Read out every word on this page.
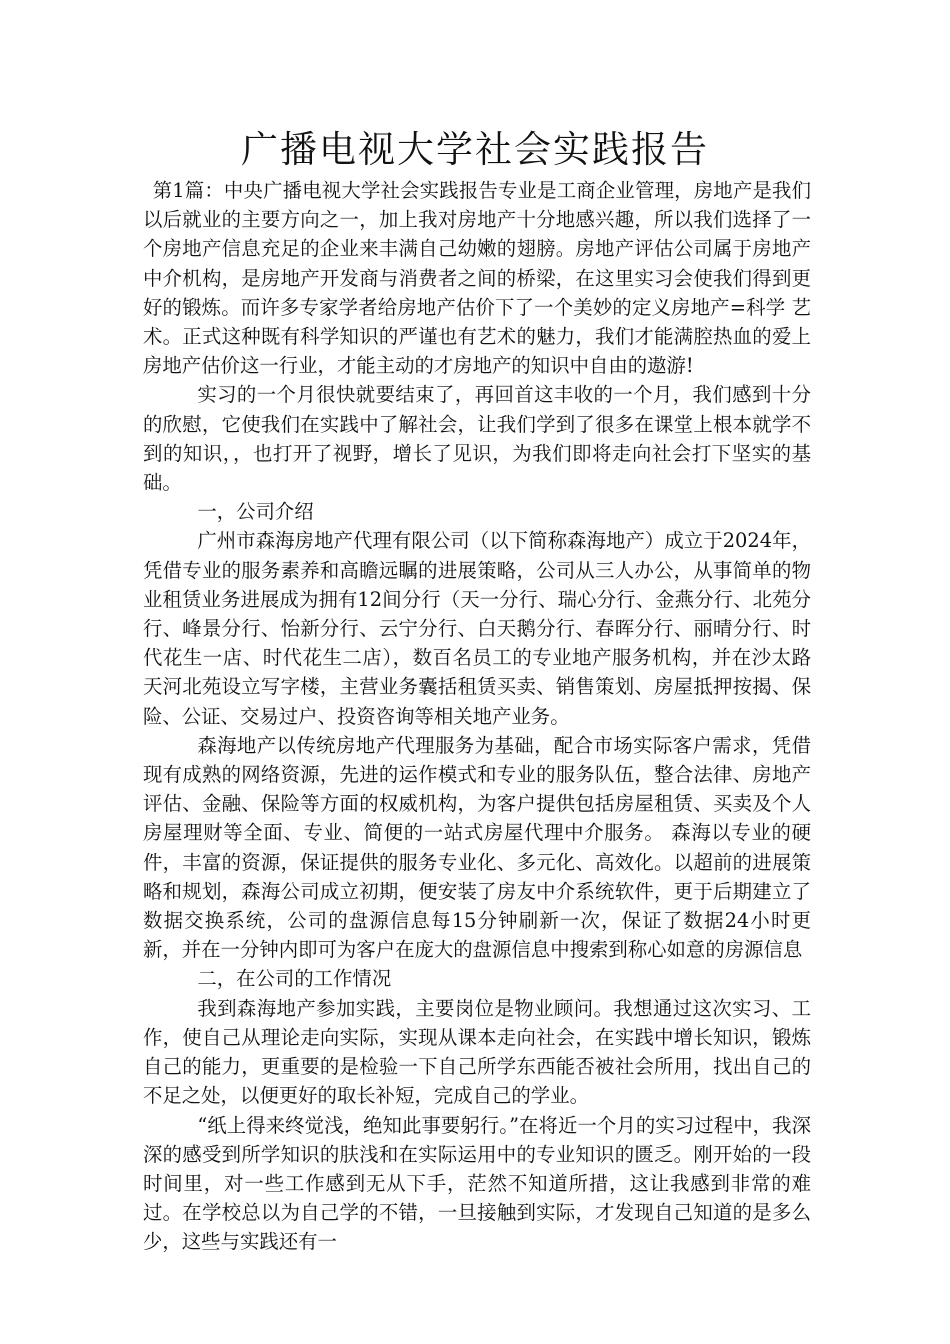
广播电视大学社会实践报告

第1篇：中央广播电视大学社会实践报告专业是工商企业管理，房地产是我们以后就业的主要方向之一，加上我对房地产十分地感兴趣，所以我们选择了一个房地产信息充足的企业来丰满自己幼嫩的翅膀。房地产评估公司属于房地产中介机构，是房地产开发商与消费者之间的桥梁，在这里实习会使我们得到更好的锻炼。而许多专家学者给房地产估价下了一个美妙的定义房地产=科学 艺术。正式这种既有科学知识的严谨也有艺术的魅力，我们才能满腔热血的爱上房地产估价这一行业，才能主动的才房地产的知识中自由的遨游!

实习的一个月很快就要结束了，再回首这丰收的一个月，我们感到十分的欣慰，它使我们在实践中了解社会，让我们学到了很多在课堂上根本就学不到的知识，，也打开了视野，增长了见识，为我们即将走向社会打下坚实的基础。

一，公司介绍

广州市森海房地产代理有限公司（以下简称森海地产）成立于2024年，凭借专业的服务素养和高瞻远瞩的进展策略，公司从三人办公，从事简单的物业租赁业务进展成为拥有12间分行（天一分行、瑞心分行、金燕分行、北苑分行、峰景分行、怡新分行、云宁分行、白天鹅分行、春晖分行、丽晴分行、时代花生一店、时代花生二店），数百名员工的专业地产服务机构，并在沙太路天河北苑设立写字楼，主营业务囊括租赁买卖、销售策划、房屋抵押按揭、保险、公证、交易过户、投资咨询等相关地产业务。

森海地产以传统房地产代理服务为基础，配合市场实际客户需求，凭借现有成熟的网络资源，先进的运作模式和专业的服务队伍，整合法律、房地产评估、金融、保险等方面的权威机构，为客户提供包括房屋租赁、买卖及个人房屋理财等全面、专业、简便的一站式房屋代理中介服务。 森海以专业的硬件，丰富的资源，保证提供的服务专业化、多元化、高效化。以超前的进展策略和规划，森海公司成立初期，便安装了房友中介系统软件，更于后期建立了数据交换系统，公司的盘源信息每15分钟刷新一次，保证了数据24小时更新，并在一分钟内即可为客户在庞大的盘源信息中搜索到称心如意的房源信息

二，在公司的工作情况

我到森海地产参加实践，主要岗位是物业顾问。我想通过这次实习、工作，使自己从理论走向实际，实现从课本走向社会，在实践中增长知识，锻炼自己的能力，更重要的是检验一下自己所学东西能否被社会所用，找出自己的不足之处，以便更好的取长补短，完成自己的学业。

“纸上得来终觉浅，绝知此事要躬行。”在将近一个月的实习过程中，我深深的感受到所学知识的肤浅和在实际运用中的专业知识的匮乏。刚开始的一段时间里，对一些工作感到无从下手，茫然不知道所措，这让我感到非常的难过。在学校总以为自己学的不错，一旦接触到实际，才发现自己知道的是多么少，这些与实践还有一
